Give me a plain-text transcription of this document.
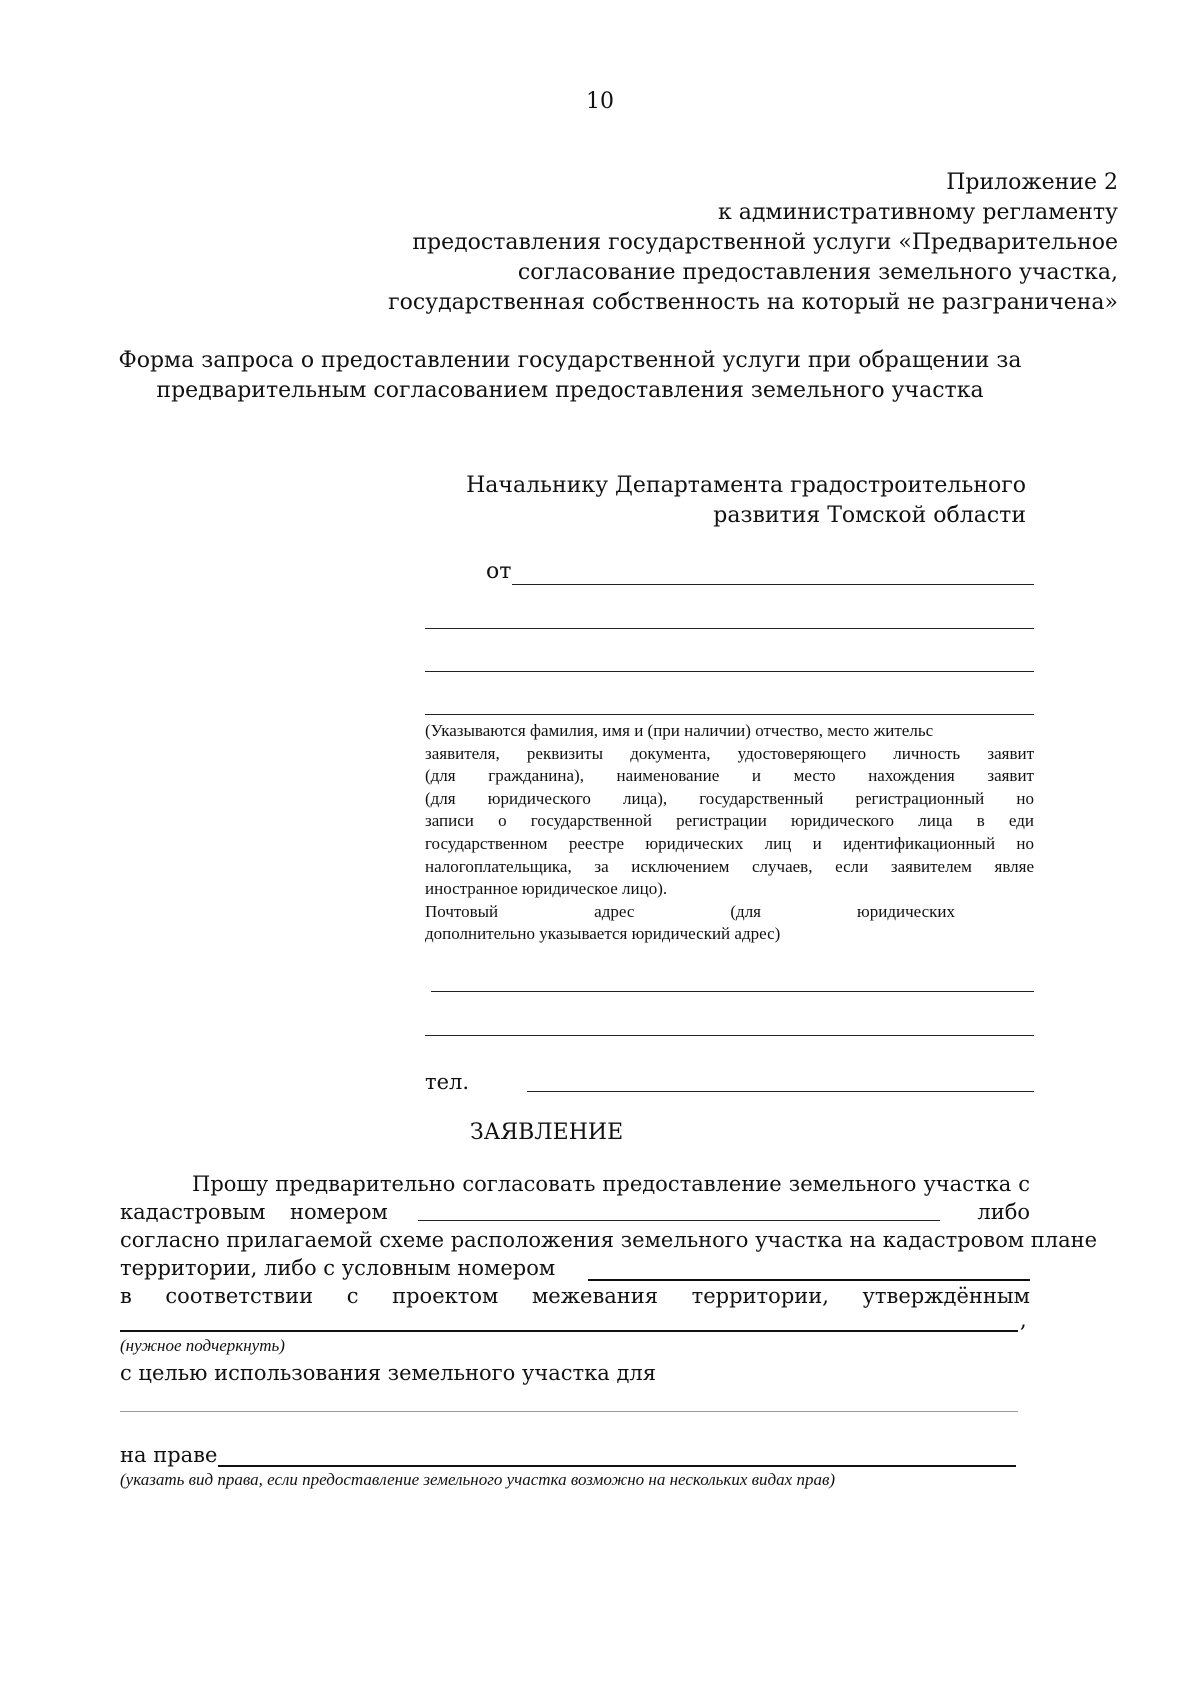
10
Приложение 2
к административному регламенту
предоставления государственной услуги «Предварительное
согласование предоставления земельного участка,
государственная собственность на который не разграничена»
Форма запроса о предоставлении государственной услуги при обращении за
предварительным согласованием предоставления земельного участка
Начальнику Департамента градостроительного
развития Томской области
от
(Указываются фамилия, имя и (при наличии) отчество, место жительс
заявителя, реквизиты документа, удостоверяющего личность заявит
(для гражданина), наименование и место нахождения заявит
(для юридического лица), государственный регистрационный но
записи о государственной регистрации юридического лица в еди
государственном реестре юридических лиц и идентификационный но
налогоплательщика, за исключением случаев, если заявителем являе
иностранное юридическое лицо).
Почтовый	адрес	(для	юридических
дополнительно указывается юридический адрес)
тел.
ЗАЯВЛЕНИЕ
Прошу предварительно согласовать предоставление земельного участка с
кадастровым номером	либо
согласно прилагаемой схеме расположения земельного участка на кадастровом плане
территории, либо с условным номером
в соответствии с проектом межевания территории, утверждённым
,
(нужное подчеркнуть)
с целью использования земельного участка для
на праве
(указать вид права, если предоставление земельного участка возможно на нескольких видах прав)
